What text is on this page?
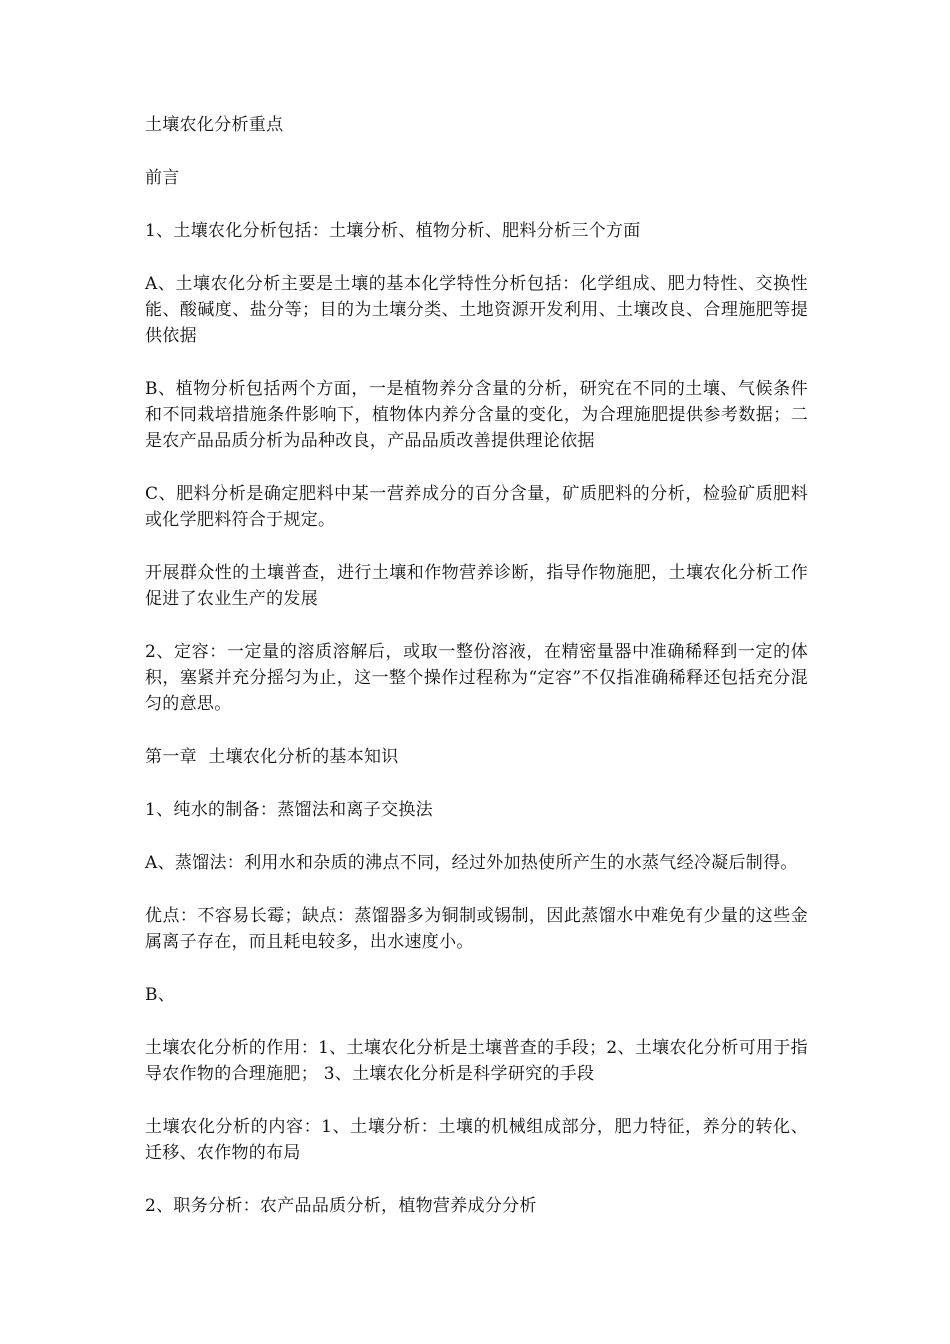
土壤农化分析重点

前言

1、土壤农化分析包括：土壤分析、植物分析、肥料分析三个方面

A、土壤农化分析主要是土壤的基本化学特性分析包括：化学组成、肥力特性、交换性能、酸碱度、盐分等；目的为土壤分类、土地资源开发利用、土壤改良、合理施肥等提供依据

B、植物分析包括两个方面，一是植物养分含量的分析，研究在不同的土壤、气候条件和不同栽培措施条件影响下，植物体内养分含量的变化，为合理施肥提供参考数据；二是农产品品质分析为品种改良，产品品质改善提供理论依据

C、肥料分析是确定肥料中某一营养成分的百分含量，矿质肥料的分析，检验矿质肥料或化学肥料符合于规定。

开展群众性的土壤普查，进行土壤和作物营养诊断，指导作物施肥，土壤农化分析工作促进了农业生产的发展

2、定容：一定量的溶质溶解后，或取一整份溶液，在精密量器中准确稀释到一定的体积，塞紧并充分摇匀为止，这一整个操作过程称为“定容”不仅指准确稀释还包括充分混匀的意思。

第一章  土壤农化分析的基本知识

1、纯水的制备：蒸馏法和离子交换法

A、蒸馏法：利用水和杂质的沸点不同，经过外加热使所产生的水蒸气经冷凝后制得。

优点：不容易长霉；缺点：蒸馏器多为铜制或锡制，因此蒸馏水中难免有少量的这些金属离子存在，而且耗电较多，出水速度小。

B、

土壤农化分析的作用：1、土壤农化分析是土壤普查的手段；2、土壤农化分析可用于指导农作物的合理施肥； 3、土壤农化分析是科学研究的手段

土壤农化分析的内容：1、土壤分析：土壤的机械组成部分，肥力特征，养分的转化、迁移、农作物的布局

2、职务分析：农产品品质分析，植物营养成分分析
